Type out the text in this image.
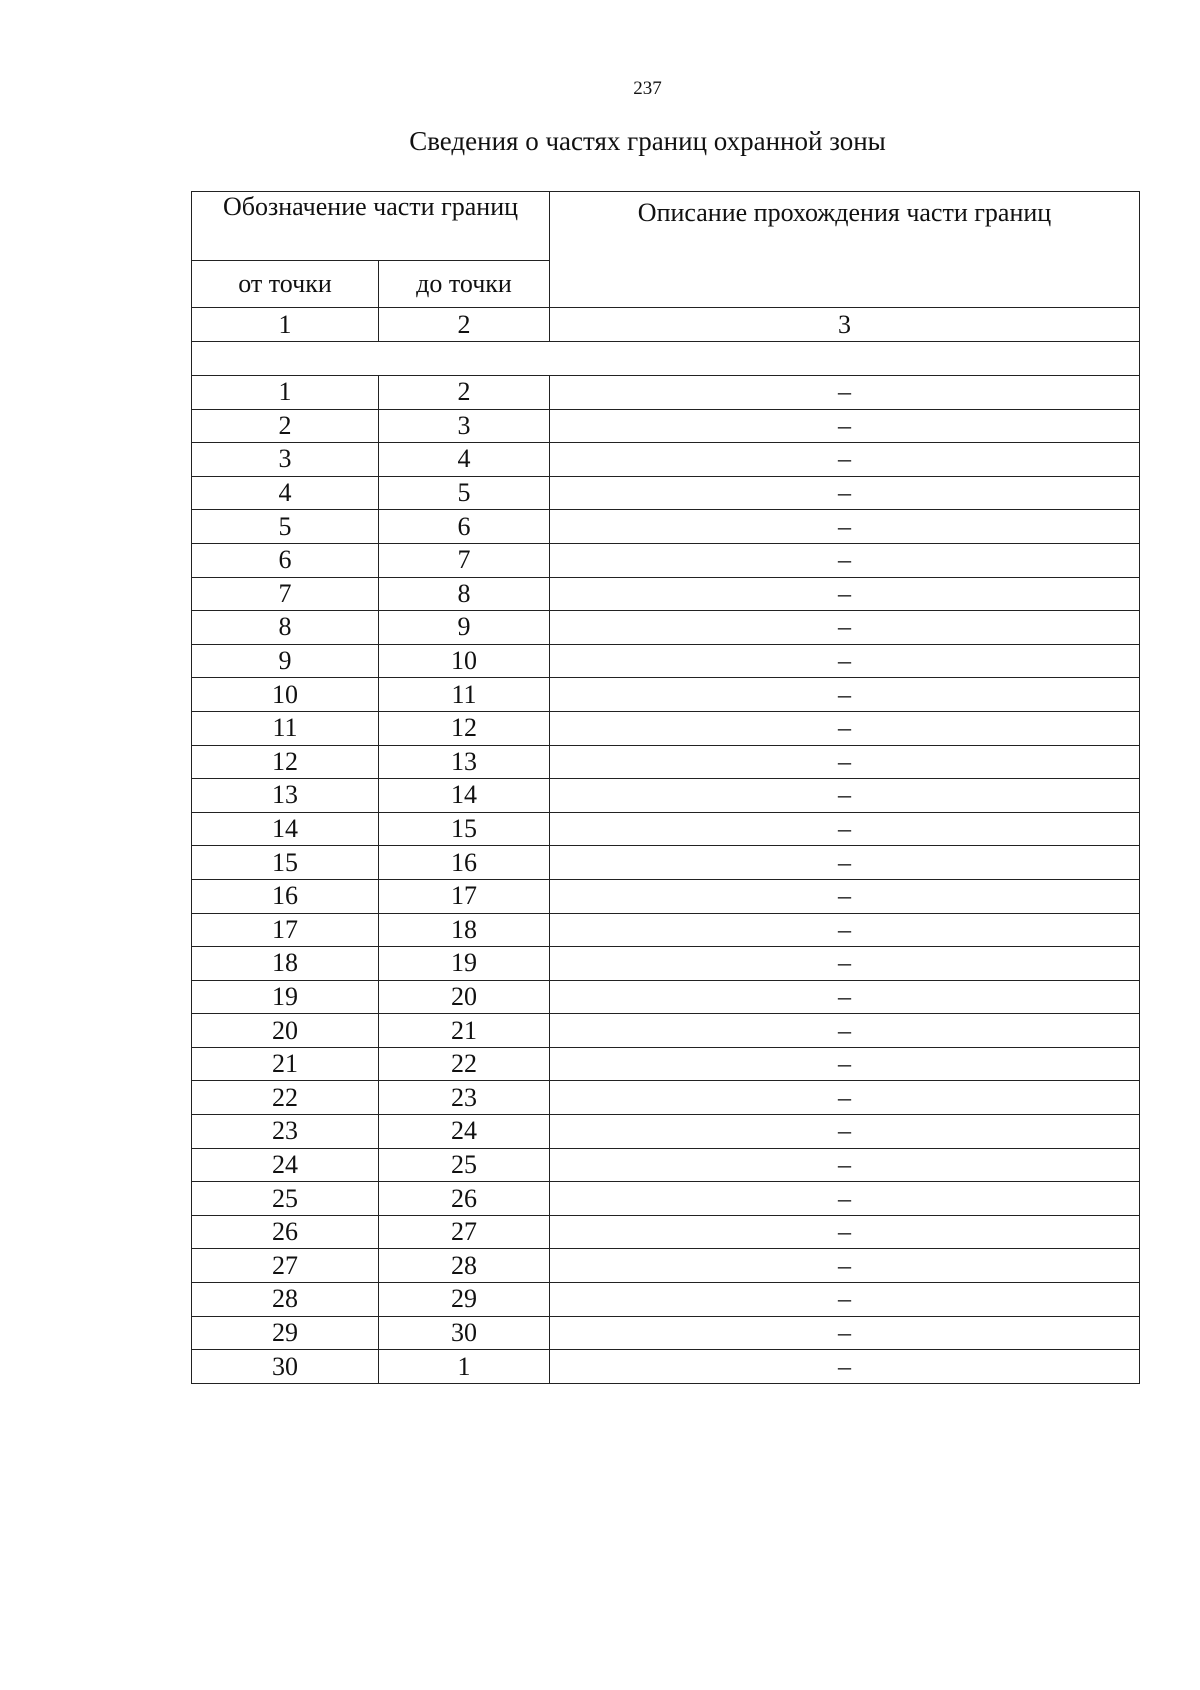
237
Сведения о частях границ охранной зоны
Обозначение части границ		Описание прохождения части границ
от точки	до точки	
1	2	3

1	2	–
2	3	–
3	4	–
4	5	–
5	6	–
6	7	–
7	8	–
8	9	–
9	10	–
10	11	–
11	12	–
12	13	–
13	14	–
14	15	–
15	16	–
16	17	–
17	18	–
18	19	–
19	20	–
20	21	–
21	22	–
22	23	–
23	24	–
24	25	–
25	26	–
26	27	–
27	28	–
28	29	–
29	30	–
30	1	–
